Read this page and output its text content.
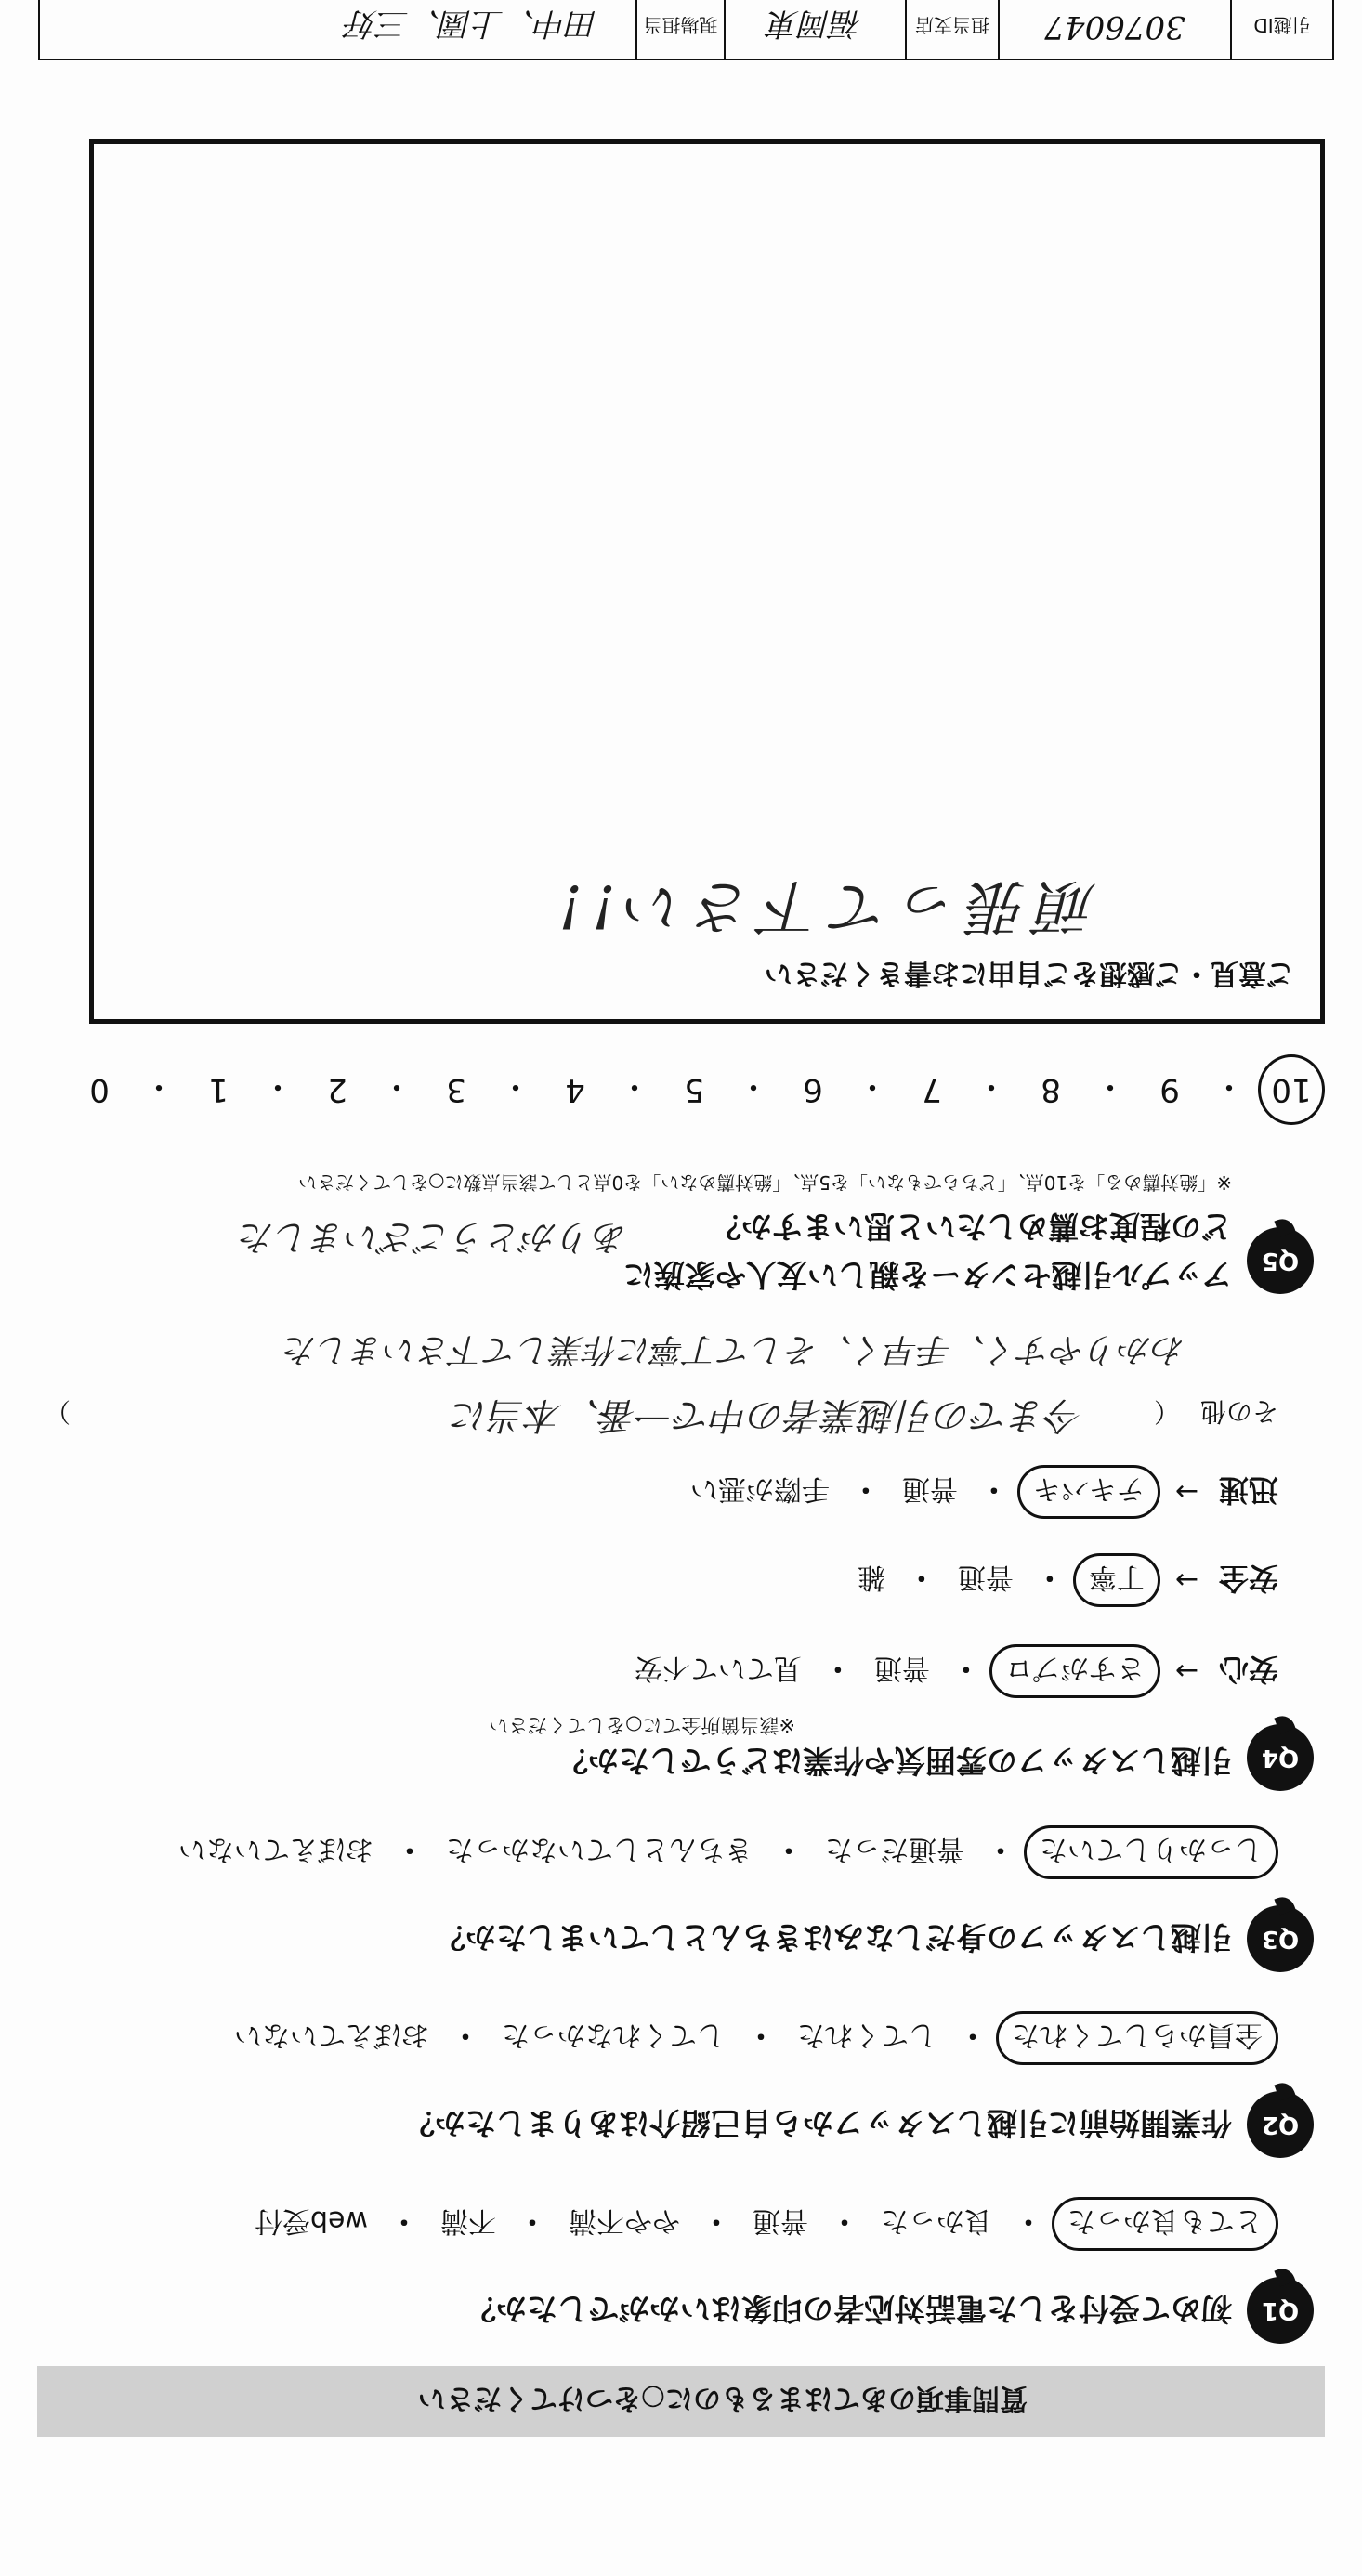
質問事項のあてはまるものに○をつけてください
Q1
初めて受付をした電話対応者の印象はいかがでしたか？
とても良かった
・
良かった
・
普通
・
やや不満
・
不満
・
web受付
Q2
作業開始前に引越しスタッフから自己紹介はありましたか？
全員からしてくれた
・
してくれた
・
してくれなかった
・
おぼえていない
Q3
引越しスタッフの身だしなみはきちんとしていましたか？
しっかりしていた
・
普通だった
・
きちんとしていなかった
・
おぼえていない
Q4
引越しスタッフの雰囲気や作業はどうでしたか？
※該当箇所全てに○をしてください
安心
→
さすがプロ
・
普通
・
見ていて不安
安全
→
丁寧
・
普通
・
雑
迅速
→
テキパキ
・
普通
・
手際が悪い
その他
（
今までの引越業者の中で一番、本当に
）
わかりやすく、手早く、そして丁寧に作業して下さいました
Q5
アップル引越センターを親しい友人や家族に
どの程度お薦めしたいと思いますか？
ありがとうございました
※「絶対薦める」を10点、「どちらでもない」を5点、「絶対薦めない」を0点として該当点数に○をしてください
10
・
9
・
8
・
7
・
6
・
5
・
4
・
3
・
2
・
1
・
0
ご意見・ご感想をご自由にお書きください
頑張って下さい!!
引越ID
3076047
担当支店
福岡東
現場担当
田中、上園、三好
